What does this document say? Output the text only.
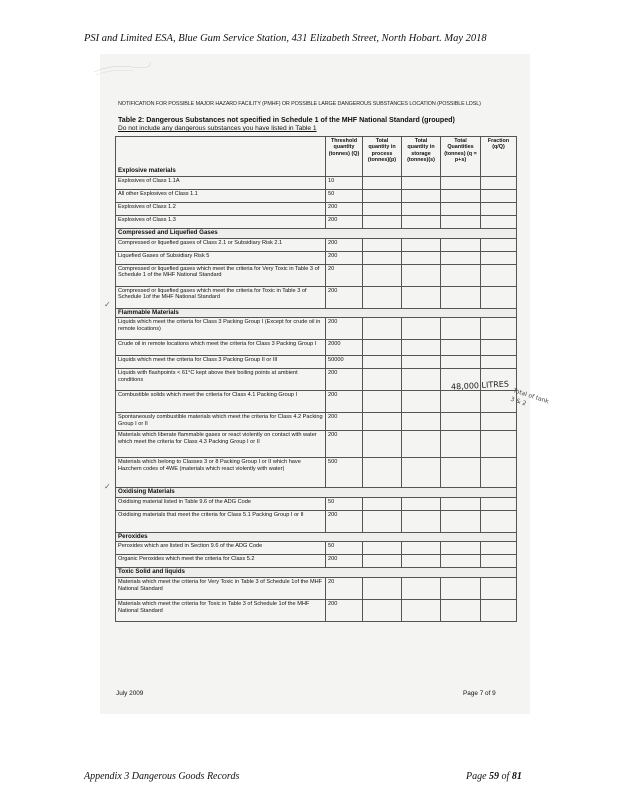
PSI and Limited ESA, Blue Gum Service Station, 431 Elizabeth Street, North Hobart. May 2018
NOTIFICATION FOR POSSIBLE MAJOR HAZARD FACILITY (PMHF) OR POSSIBLE LARGE DANGEROUS SUBSTANCES LOCATION (POSSIBLE LDSL)
Table 2: Dangerous Substances not specified in Schedule 1 of the MHF National Standard (grouped)
Do not include any dangerous substances you have listed in Table 1
Explosive materials	Threshold quantity (tonnes) (Q)	Total quantity in process (tonnes)(p)	Total quantity in storage (tonnes)(s)	Total Quantities (tonnes) (q = p+s)	Fraction (q/Q)
Explosives of Class 1.1A	10				
All other Explosives of Class 1.1	50				
Explosives of Class 1.2	200				
Explosives of Class 1.3	200				
Compressed and Liquefied Gases					
Compressed or liquefied gases of Class 2.1 or Subsidiary Risk 2.1	200				
Liquefied Gases of Subsidiary Risk 5	200				
Compressed or liquefied gases which meet the criteria for Very Toxic in Table 3 of Schedule 1 of the MHF National Standard	20				
Compressed or liquefied gases which meet the criteria for Toxic in Table 3 of Schedule 1of the MHF National Standard	200				
Flammable Materials					
Liquids which meet the criteria for Class 3 Packing Group I (Except for crude oil in remote locations)	200				
Crude oil in remote locations which meet the criteria for Class 3 Packing Group I	2000				
Liquids which meet the criteria for Class 3 Packing Group II or III	50000				
Liquids with flashpoints < 61°C kept above their boiling points at ambient conditions	200				
Combustible solids which meet the criteria for Class 4.1 Packing Group I	200				
Spontaneously combustible materials which meet the criteria for Class 4.2 Packing Group I or II	200				
Materials which liberate flammable gases or react violently on contact with water which meet the criteria for Class 4.3 Packing Group I or II	200				
Materials which belong to Classes 3 or 8 Packing Group I or II which have Hazchem codes of 4WE (materials which react violently with water)	500				
Oxidising Materials					
Oxidising material listed in Table 9.6 of the ADG Code	50				
Oxidising materials that meet the criteria for Class 5.1 Packing Group I or II	200				
Peroxides					
Peroxides which are listed in Section 9.6 of the ADG Code	50				
Organic Peroxides which meet the criteria for Class 5.2	200				
Toxic Solid and liquids					
Materials which meet the criteria for Very Toxic in Table 3 of Schedule 1of the MHF National Standard	20				
Materials which meet the criteria for Toxic in Table 3 of Schedule 1of the MHF National Standard	200				
48,000 LITRES
Total of tank 3 & 2
✓
✓
July 2009	Page 7 of 9
Appendix 3 Dangerous Goods Records	Page 59 of 81
